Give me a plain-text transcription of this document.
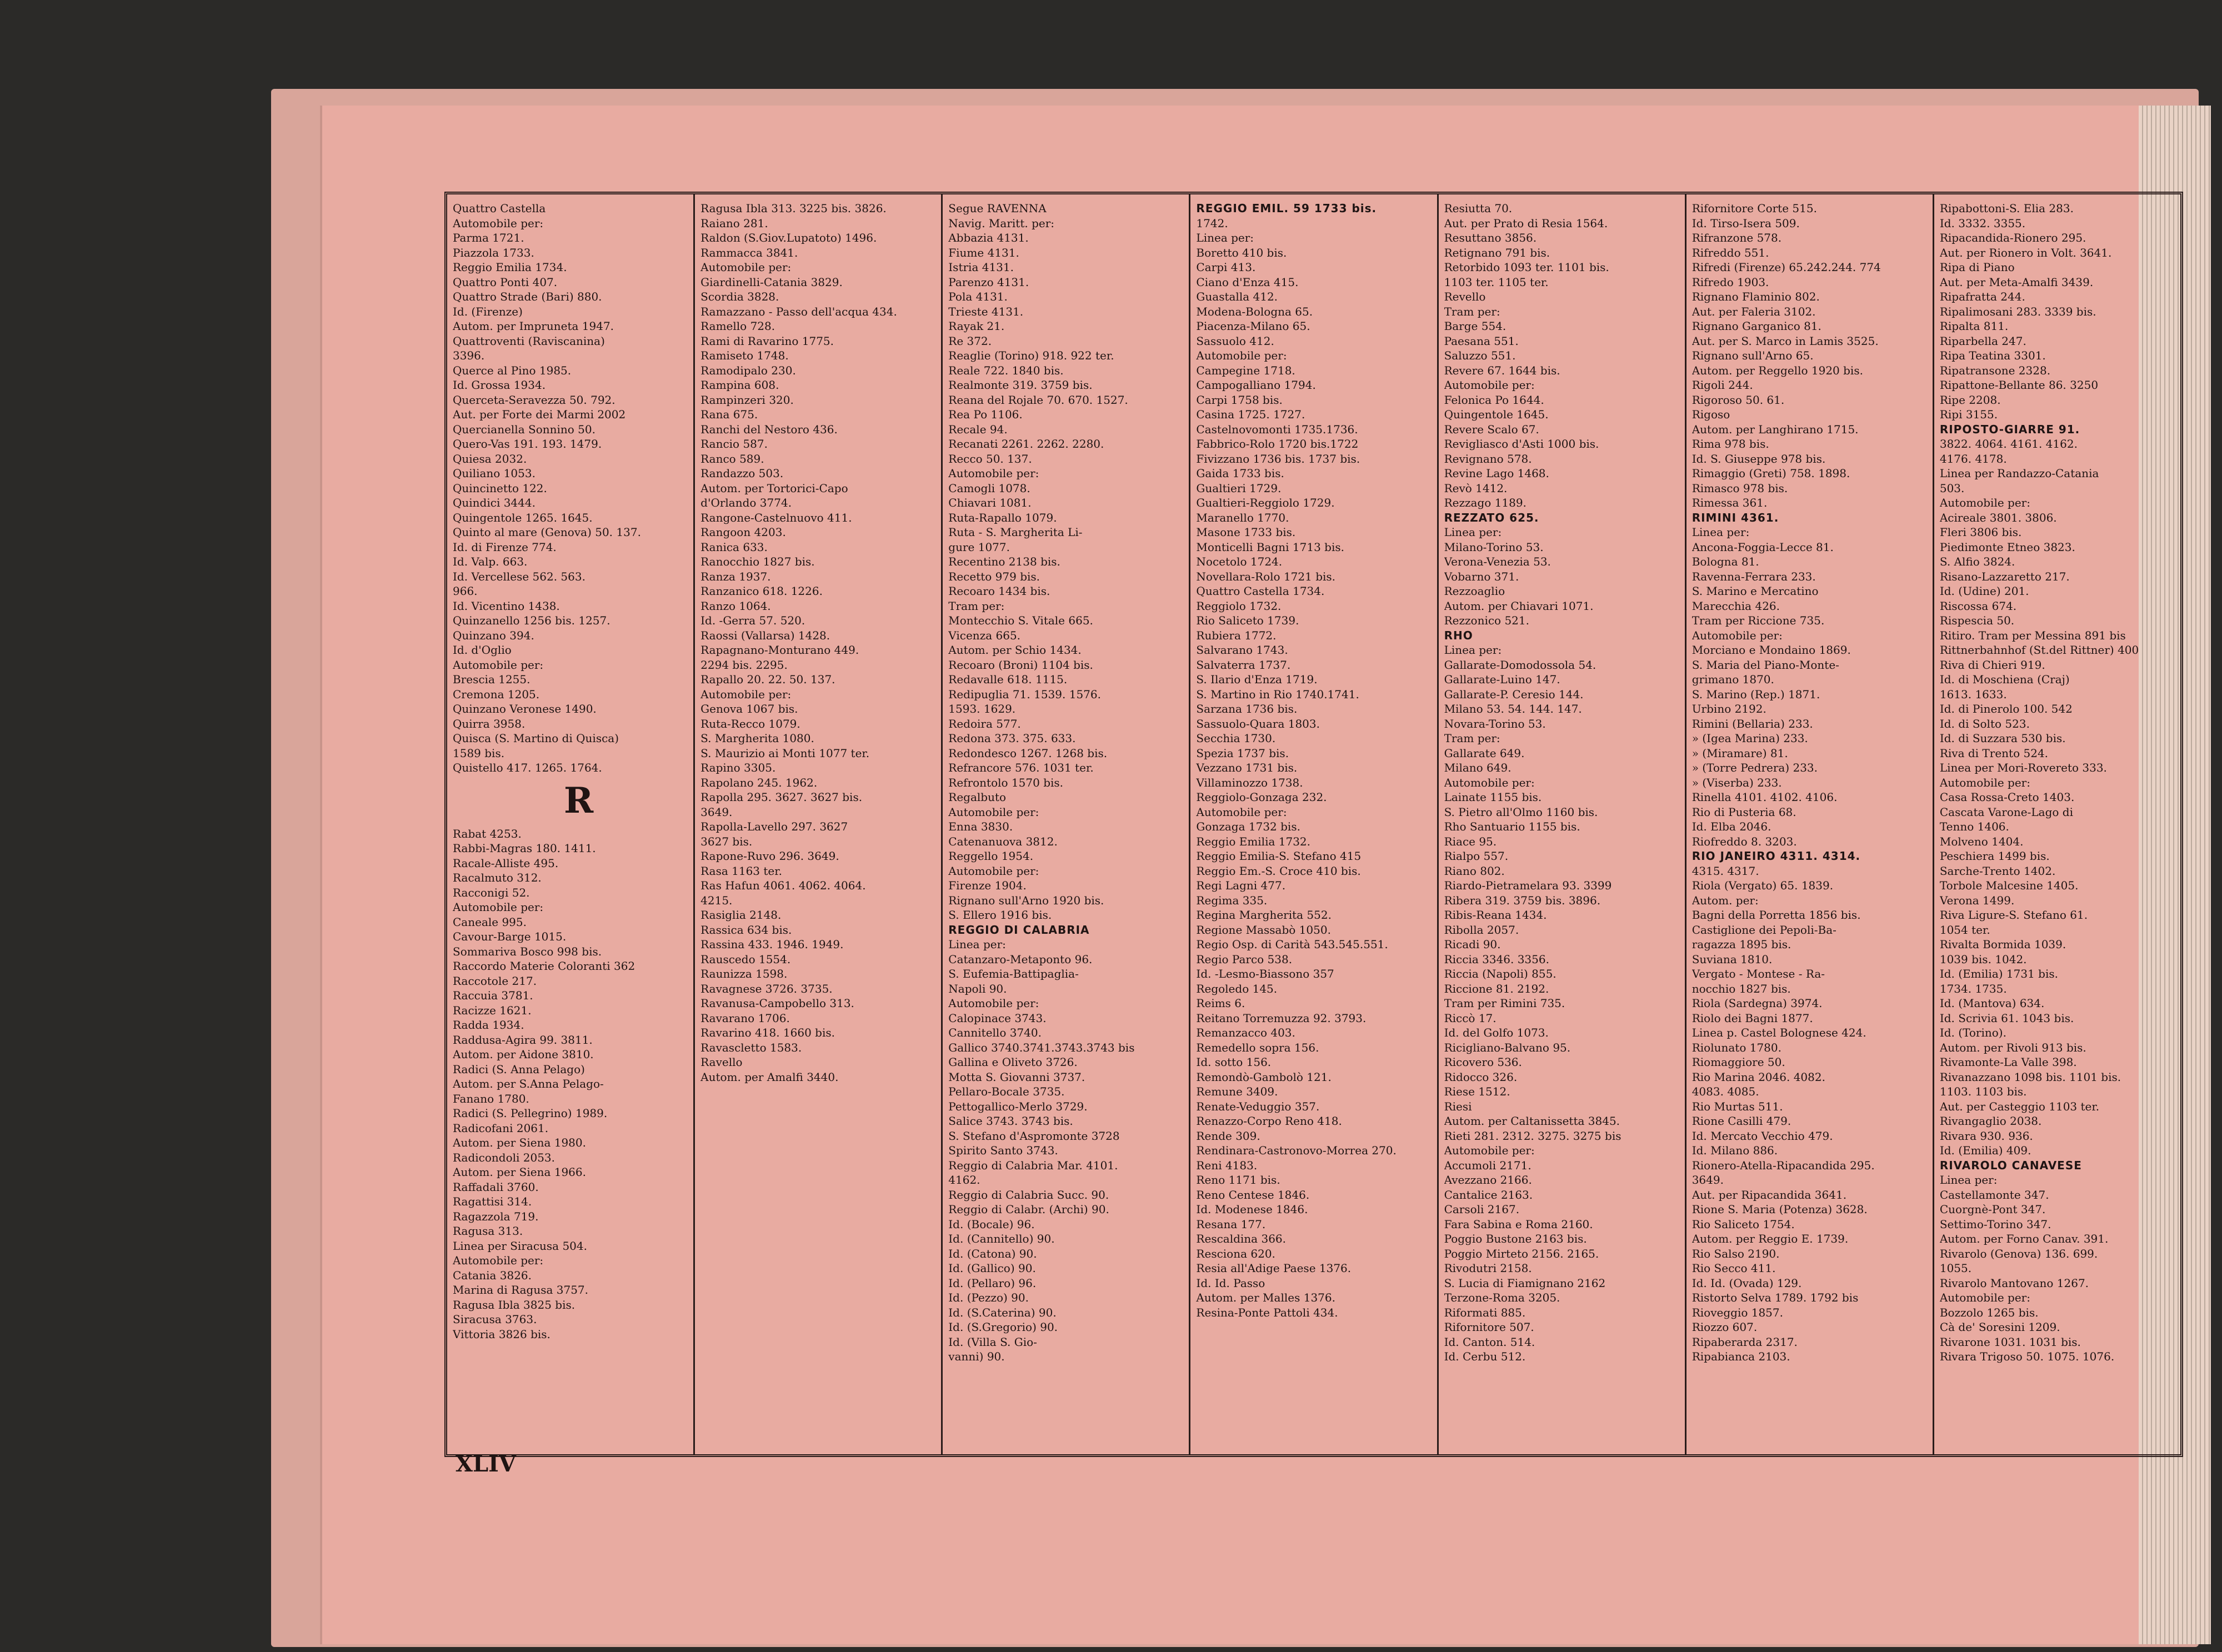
Quattro Castella
Automobile per:
Parma 1721.
Piazzola 1733.
Reggio Emilia 1734.
Quattro Ponti 407.
Quattro Strade (Bari) 880.
Id. (Firenze)
Autom. per Impruneta 1947.
Quattroventi (Raviscanina)
3396.
Querce al Pino 1985.
Id. Grossa 1934.
Querceta-Seravezza 50. 792.
Aut. per Forte dei Marmi 2002
Quercianella Sonnino 50.
Quero-Vas 191. 193. 1479.
Quiesa 2032.
Quiliano 1053.
Quincinetto 122.
Quindici 3444.
Quingentole 1265. 1645.
Quinto al mare (Genova) 50. 137.
Id. di Firenze 774.
Id. Valp. 663.
Id. Vercellese 562. 563.
966.
Id. Vicentino 1438.
Quinzanello 1256 bis. 1257.
Quinzano 394.
Id. d'Oglio
Automobile per:
Brescia 1255.
Cremona 1205.
Quinzano Veronese 1490.
Quirra 3958.
Quisca (S. Martino di Quisca)
1589 bis.
Quistello 417. 1265. 1764.
R
Rabat 4253.
Rabbi-Magras 180. 1411.
Racale-Alliste 495.
Racalmuto 312.
Racconigi 52.
Automobile per:
Caneale 995.
Cavour-Barge 1015.
Sommariva Bosco 998 bis.
Raccordo Materie Coloranti 362
Raccotole 217.
Raccuia 3781.
Racizze 1621.
Radda 1934.
Raddusa-Agira 99. 3811.
Autom. per Aidone 3810.
Radici (S. Anna Pelago)
Autom. per S.Anna Pelago-
Fanano 1780.
Radici (S. Pellegrino) 1989.
Radicofani 2061.
Autom. per Siena 1980.
Radicondoli 2053.
Autom. per Siena 1966.
Raffadali 3760.
Ragattisi 314.
Ragazzola 719.
Ragusa 313.
Linea per Siracusa 504.
Automobile per:
Catania 3826.
Marina di Ragusa 3757.
Ragusa Ibla 3825 bis.
Siracusa 3763.
Vittoria 3826 bis.
Ragusa Ibla 313. 3225 bis. 3826.
Raiano 281.
Raldon (S.Giov.Lupatoto) 1496.
Rammacca 3841.
Automobile per:
Giardinelli-Catania 3829.
Scordia 3828.
Ramazzano - Passo dell'acqua 434.
Ramello 728.
Rami di Ravarino 1775.
Ramiseto 1748.
Ramodipalo 230.
Rampina 608.
Rampinzeri 320.
Rana 675.
Ranchi del Nestoro 436.
Rancio 587.
Ranco 589.
Randazzo 503.
Autom. per Tortorici-Capo
d'Orlando 3774.
Rangone-Castelnuovo 411.
Rangoon 4203.
Ranica 633.
Ranocchio 1827 bis.
Ranza 1937.
Ranzanico 618. 1226.
Ranzo 1064.
Id. -Gerra 57. 520.
Raossi (Vallarsa) 1428.
Rapagnano-Monturano 449.
2294 bis. 2295.
Rapallo 20. 22. 50. 137.
Automobile per:
Genova 1067 bis.
Ruta-Recco 1079.
S. Margherita 1080.
S. Maurizio ai Monti 1077 ter.
Rapino 3305.
Rapolano 245. 1962.
Rapolla 295. 3627. 3627 bis.
3649.
Rapolla-Lavello 297. 3627
3627 bis.
Rapone-Ruvo 296. 3649.
Rasa 1163 ter.
Ras Hafun 4061. 4062. 4064.
4215.
Rasiglia 2148.
Rassica 634 bis.
Rassina 433. 1946. 1949.
Rauscedo 1554.
Raunizza 1598.
Ravagnese 3726. 3735.
Ravanusa-Campobello 313.
Ravarano 1706.
Ravarino 418. 1660 bis.
Ravascletto 1583.
Ravello
Autom. per Amalfi 3440.
Segue RAVENNA
Navig. Maritt. per:
Abbazia 4131.
Fiume 4131.
Istria 4131.
Parenzo 4131.
Pola 4131.
Trieste 4131.
Rayak 21.
Re 372.
Reaglie (Torino) 918. 922 ter.
Reale 722. 1840 bis.
Realmonte 319. 3759 bis.
Reana del Rojale 70. 670. 1527.
Rea Po 1106.
Recale 94.
Recanati 2261. 2262. 2280.
Recco 50. 137.
Automobile per:
Camogli 1078.
Chiavari 1081.
Ruta-Rapallo 1079.
Ruta - S. Margherita Li-
gure 1077.
Recentino 2138 bis.
Recetto 979 bis.
Recoaro 1434 bis.
Tram per:
Montecchio S. Vitale 665.
Vicenza 665.
Autom. per Schio 1434.
Recoaro (Broni) 1104 bis.
Redavalle 618. 1115.
Redipuglia 71. 1539. 1576.
1593. 1629.
Redoira 577.
Redona 373. 375. 633.
Redondesco 1267. 1268 bis.
Refrancore 576. 1031 ter.
Refrontolo 1570 bis.
Regalbuto
Automobile per:
Enna 3830.
Catenanuova 3812.
Reggello 1954.
Automobile per:
Firenze 1904.
Rignano sull'Arno 1920 bis.
S. Ellero 1916 bis.
REGGIO DI CALABRIA
Linea per:
Catanzaro-Metaponto 96.
S. Eufemia-Battipaglia-
Napoli 90.
Automobile per:
Calopinace 3743.
Cannitello 3740.
Gallico 3740.3741.3743.3743 bis
Gallina e Oliveto 3726.
Motta S. Giovanni 3737.
Pellaro-Bocale 3735.
Pettogallico-Merlo 3729.
Salice 3743. 3743 bis.
S. Stefano d'Aspromonte 3728
Spirito Santo 3743.
Reggio di Calabria Mar. 4101.
4162.
Reggio di Calabria Succ. 90.
Reggio di Calabr. (Archi) 90.
Id. (Bocale) 96.
Id. (Cannitello) 90.
Id. (Catona) 90.
Id. (Gallico) 90.
Id. (Pellaro) 96.
Id. (Pezzo) 90.
Id. (S.Caterina) 90.
Id. (S.Gregorio) 90.
Id. (Villa S. Gio-
vanni) 90.
REGGIO EMIL. 59 1733 bis.
1742.
Linea per:
Boretto 410 bis.
Carpi 413.
Ciano d'Enza 415.
Guastalla 412.
Modena-Bologna 65.
Piacenza-Milano 65.
Sassuolo 412.
Automobile per:
Campegine 1718.
Campogalliano 1794.
Carpi 1758 bis.
Casina 1725. 1727.
Castelnovomonti 1735.1736.
Fabbrico-Rolo 1720 bis.1722
Fivizzano 1736 bis. 1737 bis.
Gaida 1733 bis.
Gualtieri 1729.
Gualtieri-Reggiolo 1729.
Maranello 1770.
Masone 1733 bis.
Monticelli Bagni 1713 bis.
Nocetolo 1724.
Novellara-Rolo 1721 bis.
Quattro Castella 1734.
Reggiolo 1732.
Rio Saliceto 1739.
Rubiera 1772.
Salvarano 1743.
Salvaterra 1737.
S. Ilario d'Enza 1719.
S. Martino in Rio 1740.1741.
Sarzana 1736 bis.
Sassuolo-Quara 1803.
Secchia 1730.
Spezia 1737 bis.
Vezzano 1731 bis.
Villaminozzo 1738.
Reggiolo-Gonzaga 232.
Automobile per:
Gonzaga 1732 bis.
Reggio Emilia 1732.
Reggio Emilia-S. Stefano 415
Reggio Em.-S. Croce 410 bis.
Regi Lagni 477.
Regima 335.
Regina Margherita 552.
Regione Massabò 1050.
Regio Osp. di Carità 543.545.551.
Regio Parco 538.
Id. -Lesmo-Biassono 357
Regoledo 145.
Reims 6.
Reitano Torremuzza 92. 3793.
Remanzacco 403.
Remedello sopra 156.
Id. sotto 156.
Remondò-Gambolò 121.
Remune 3409.
Renate-Veduggio 357.
Renazzo-Corpo Reno 418.
Rende 309.
Rendinara-Castronovo-Morrea 270.
Reni 4183.
Reno 1171 bis.
Reno Centese 1846.
Id. Modenese 1846.
Resana 177.
Rescaldina 366.
Resciona 620.
Resia all'Adige Paese 1376.
Id. Id. Passo
Autom. per Malles 1376.
Resina-Ponte Pattoli 434.
Resiutta 70.
Aut. per Prato di Resia 1564.
Resuttano 3856.
Retignano 791 bis.
Retorbido 1093 ter. 1101 bis.
1103 ter. 1105 ter.
Revello
Tram per:
Barge 554.
Paesana 551.
Saluzzo 551.
Revere 67. 1644 bis.
Automobile per:
Felonica Po 1644.
Quingentole 1645.
Revere Scalo 67.
Revigliasco d'Asti 1000 bis.
Revignano 578.
Revine Lago 1468.
Revò 1412.
Rezzago 1189.
REZZATO 625.
Linea per:
Milano-Torino 53.
Verona-Venezia 53.
Vobarno 371.
Rezzoaglio
Autom. per Chiavari 1071.
Rezzonico 521.
RHO
Linea per:
Gallarate-Domodossola 54.
Gallarate-Luino 147.
Gallarate-P. Ceresio 144.
Milano 53. 54. 144. 147.
Novara-Torino 53.
Tram per:
Gallarate 649.
Milano 649.
Automobile per:
Lainate 1155 bis.
S. Pietro all'Olmo 1160 bis.
Rho Santuario 1155 bis.
Riace 95.
Rialpo 557.
Riano 802.
Riardo-Pietramelara 93. 3399
Ribera 319. 3759 bis. 3896.
Ribis-Reana 1434.
Ribolla 2057.
Ricadi 90.
Riccia 3346. 3356.
Riccia (Napoli) 855.
Riccione 81. 2192.
Tram per Rimini 735.
Riccò 17.
Id. del Golfo 1073.
Ricigliano-Balvano 95.
Ricovero 536.
Ridocco 326.
Riese 1512.
Riesi
Autom. per Caltanissetta 3845.
Rieti 281. 2312. 3275. 3275 bis
Automobile per:
Accumoli 2171.
Avezzano 2166.
Cantalice 2163.
Carsoli 2167.
Fara Sabina e Roma 2160.
Poggio Bustone 2163 bis.
Poggio Mirteto 2156. 2165.
Rivodutri 2158.
S. Lucia di Fiamignano 2162
Terzone-Roma 3205.
Riformati 885.
Rifornitore 507.
Id. Canton. 514.
Id. Cerbu 512.
Rifornitore Corte 515.
Id. Tirso-Isera 509.
Rifranzone 578.
Rifreddo 551.
Rifredi (Firenze) 65.242.244. 774
Rifredo 1903.
Rignano Flaminio 802.
Aut. per Faleria 3102.
Rignano Garganico 81.
Aut. per S. Marco in Lamis 3525.
Rignano sull'Arno 65.
Autom. per Reggello 1920 bis.
Rigoli 244.
Rigoroso 50. 61.
Rigoso
Autom. per Langhirano 1715.
Rima 978 bis.
Id. S. Giuseppe 978 bis.
Rimaggio (Greti) 758. 1898.
Rimasco 978 bis.
Rimessa 361.
RIMINI 4361.
Linea per:
Ancona-Foggia-Lecce 81.
Bologna 81.
Ravenna-Ferrara 233.
S. Marino e Mercatino
Marecchia 426.
Tram per Riccione 735.
Automobile per:
Morciano e Mondaino 1869.
S. Maria del Piano-Monte-
grimano 1870.
S. Marino (Rep.) 1871.
Urbino 2192.
Rimini (Bellaria) 233.
» (Igea Marina) 233.
» (Miramare) 81.
» (Torre Pedrera) 233.
» (Viserba) 233.
Rinella 4101. 4102. 4106.
Rio di Pusteria 68.
Id. Elba 2046.
Riofreddo 8. 3203.
RIO JANEIRO 4311. 4314.
4315. 4317.
Riola (Vergato) 65. 1839.
Autom. per:
Bagni della Porretta 1856 bis.
Castiglione dei Pepoli-Ba-
ragazza 1895 bis.
Suviana 1810.
Vergato - Montese - Ra-
nocchio 1827 bis.
Riola (Sardegna) 3974.
Riolo dei Bagni 1877.
Linea p. Castel Bolognese 424.
Riolunato 1780.
Riomaggiore 50.
Rio Marina 2046. 4082.
4083. 4085.
Rio Murtas 511.
Rione Casilli 479.
Id. Mercato Vecchio 479.
Id. Milano 886.
Rionero-Atella-Ripacandida 295.
3649.
Aut. per Ripacandida 3641.
Rione S. Maria (Potenza) 3628.
Rio Saliceto 1754.
Autom. per Reggio E. 1739.
Rio Salso 2190.
Rio Secco 411.
Id. Id. (Ovada) 129.
Ristorto Selva 1789. 1792 bis
Rioveggio 1857.
Riozzo 607.
Ripaberarda 2317.
Ripabianca 2103.
Ripabottoni-S. Elia 283.
Id. 3332. 3355.
Ripacandida-Rionero 295.
Aut. per Rionero in Volt. 3641.
Ripa di Piano
Aut. per Meta-Amalfi 3439.
Ripafratta 244.
Ripalimosani 283. 3339 bis.
Ripalta 811.
Riparbella 247.
Ripa Teatina 3301.
Ripatransone 2328.
Ripattone-Bellante 86. 3250
Ripe 2208.
Ripi 3155.
RIPOSTO-GIARRE 91.
3822. 4064. 4161. 4162.
4176. 4178.
Linea per Randazzo-Catania
503.
Automobile per:
Acireale 3801. 3806.
Fleri 3806 bis.
Piedimonte Etneo 3823.
S. Alfio 3824.
Risano-Lazzaretto 217.
Id. (Udine) 201.
Riscossa 674.
Rispescia 50.
Ritiro. Tram per Messina 891 bis
Rittnerbahnhof (St.del Rittner) 400
Riva di Chieri 919.
Id. di Moschiena (Craj)
1613. 1633.
Id. di Pinerolo 100. 542
Id. di Solto 523.
Id. di Suzzara 530 bis.
Riva di Trento 524.
Linea per Mori-Rovereto 333.
Automobile per:
Casa Rossa-Creto 1403.
Cascata Varone-Lago di
Tenno 1406.
Molveno 1404.
Peschiera 1499 bis.
Sarche-Trento 1402.
Torbole Malcesine 1405.
Verona 1499.
Riva Ligure-S. Stefano 61.
1054 ter.
Rivalta Bormida 1039.
1039 bis. 1042.
Id. (Emilia) 1731 bis.
1734. 1735.
Id. (Mantova) 634.
Id. Scrivia 61. 1043 bis.
Id. (Torino).
Autom. per Rivoli 913 bis.
Rivamonte-La Valle 398.
Rivanazzano 1098 bis. 1101 bis.
1103. 1103 bis.
Aut. per Casteggio 1103 ter.
Rivangaglio 2038.
Rivara 930. 936.
Id. (Emilia) 409.
RIVAROLO CANAVESE
Linea per:
Castellamonte 347.
Cuorgnè-Pont 347.
Settimo-Torino 347.
Autom. per Forno Canav. 391.
Rivarolo (Genova) 136. 699.
1055.
Rivarolo Mantovano 1267.
Automobile per:
Bozzolo 1265 bis.
Cà de' Soresini 1209.
Rivarone 1031. 1031 bis.
Rivara Trigoso 50. 1075. 1076.
XLIV
